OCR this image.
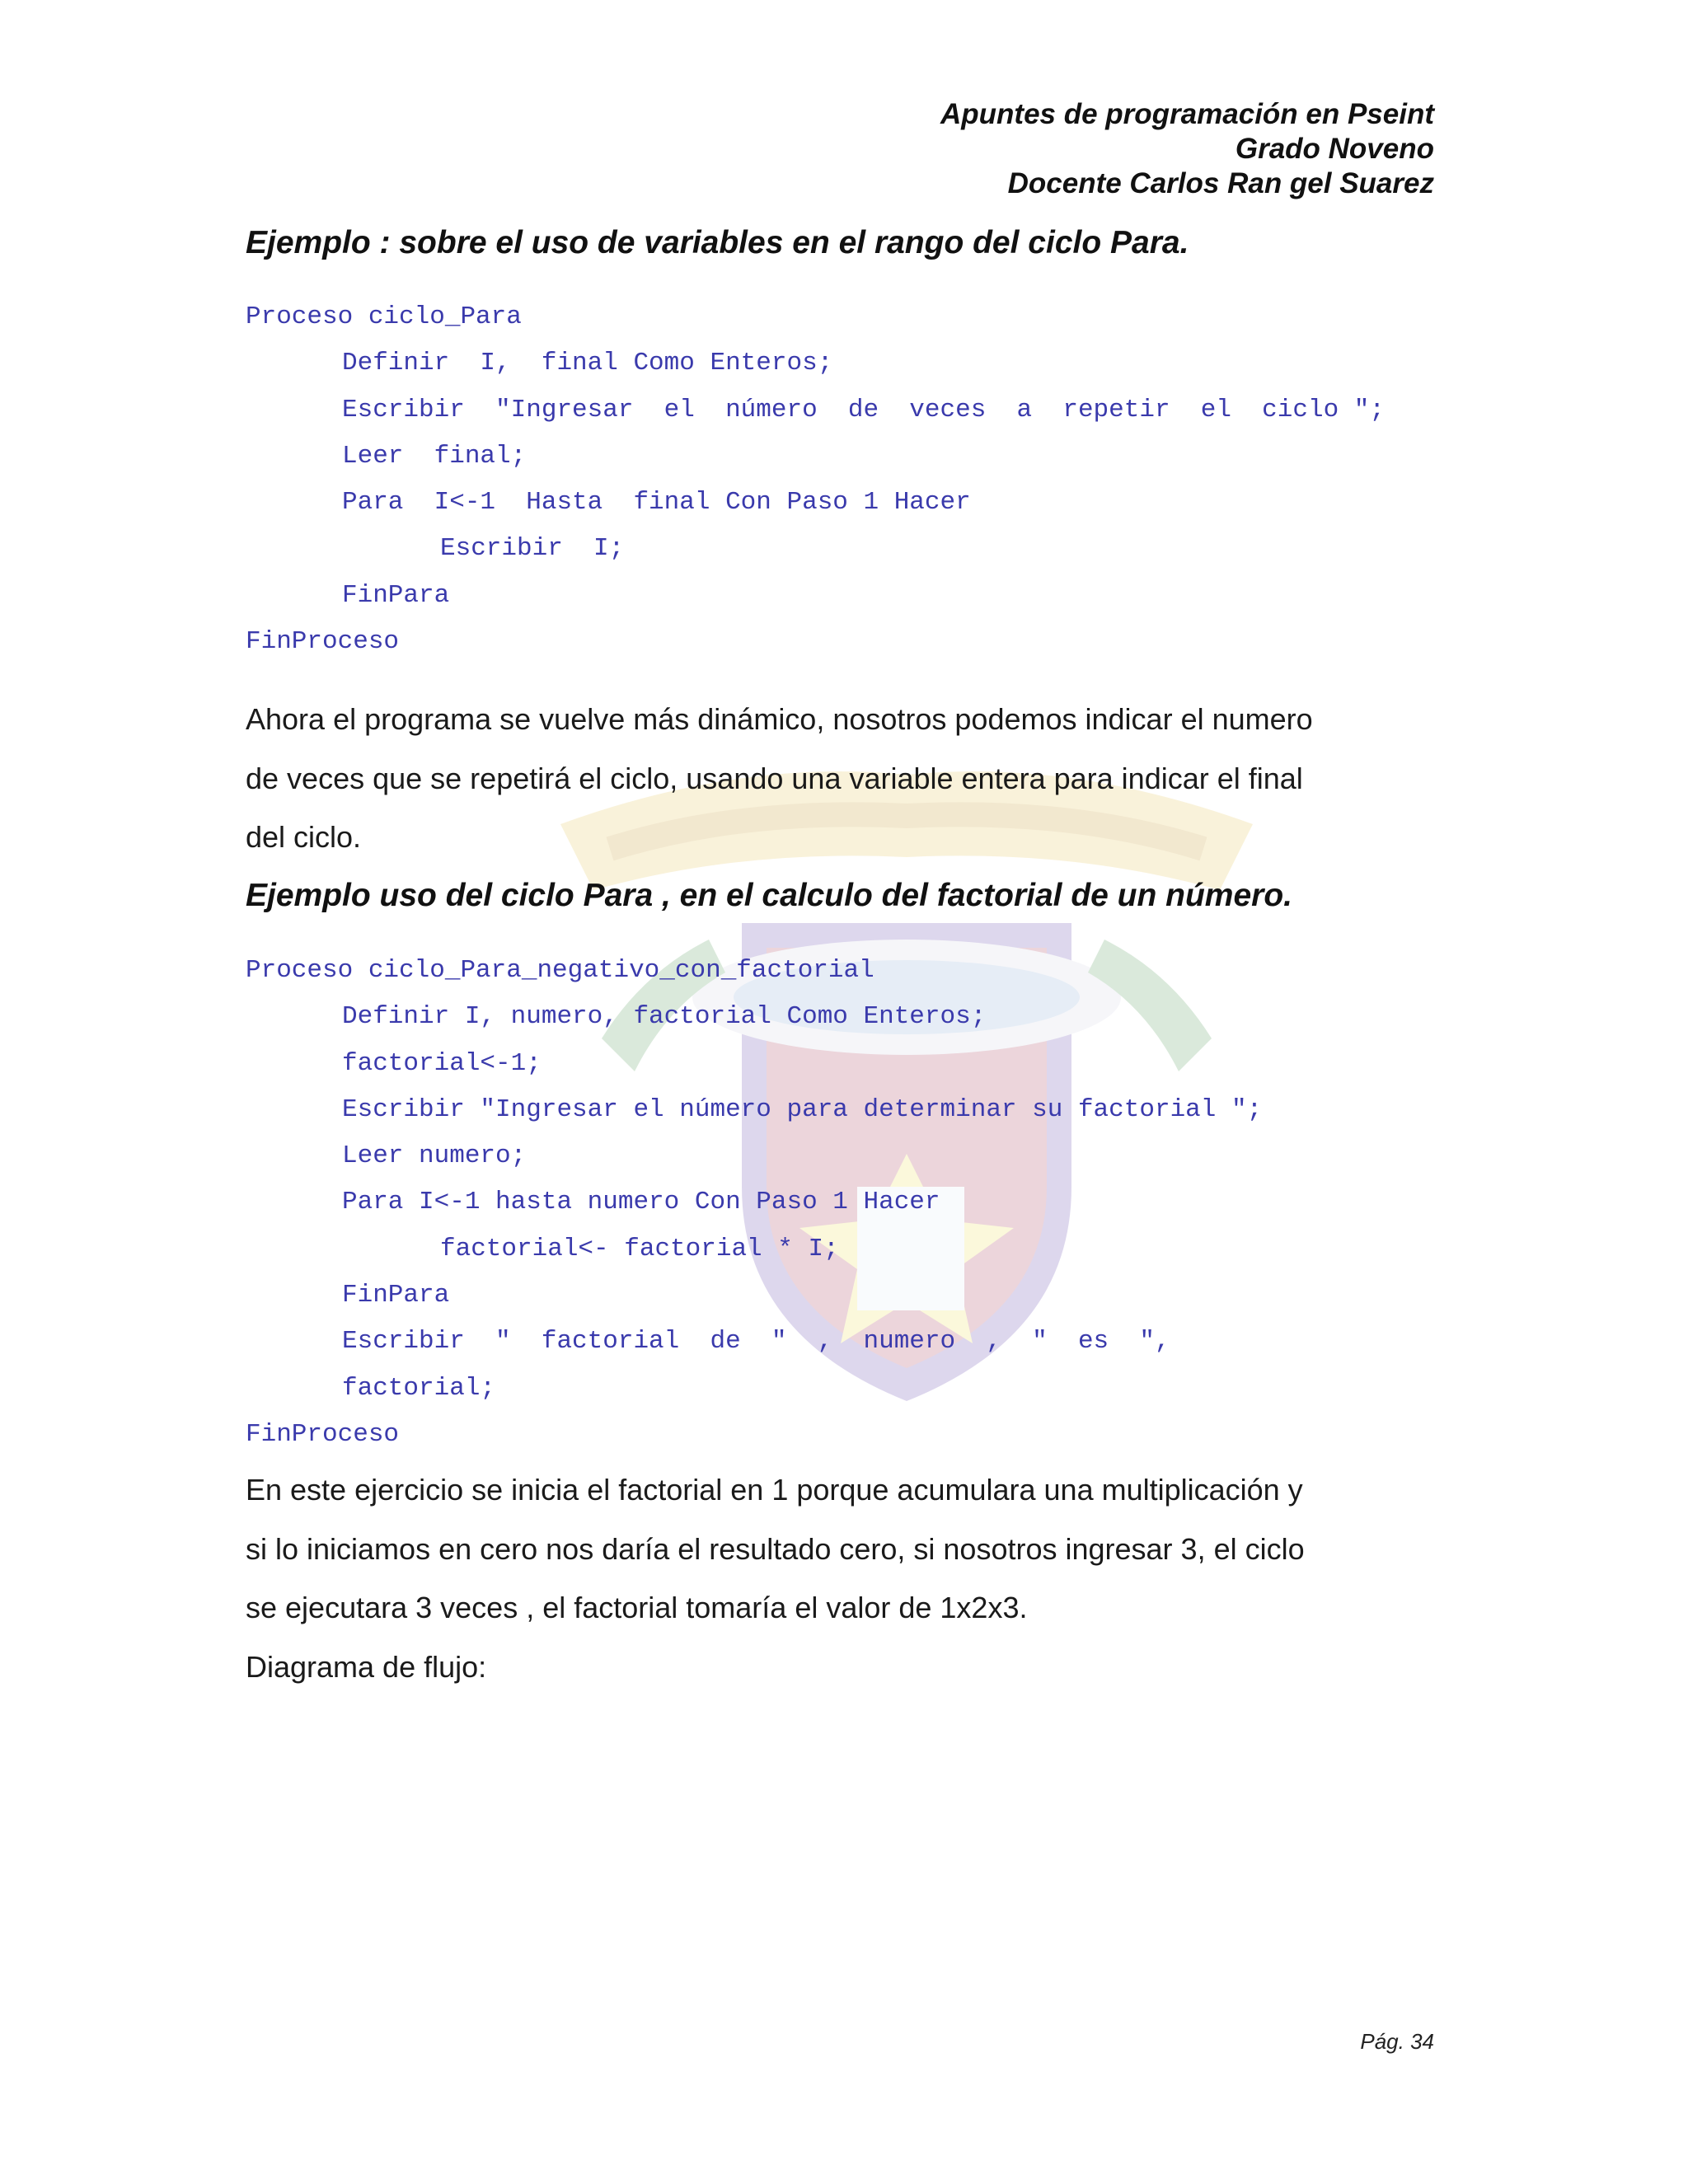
Apuntes de programación en Pseint
Grado Noveno
Docente Carlos Ran gel Suarez
Ejemplo : sobre el uso de variables en el rango del ciclo Para.
Proceso ciclo_Para
Definir  I,  final Como Enteros;
Escribir  "Ingresar  el  número  de  veces  a  repetir  el  ciclo ";
Leer  final;
Para  I<-1  Hasta  final Con Paso 1 Hacer
Escribir  I;
FinPara
FinProceso
Ahora el programa se vuelve más dinámico, nosotros podemos indicar el numero
de veces que se repetirá el ciclo, usando una variable entera para indicar el final
del ciclo.
Ejemplo uso del ciclo Para , en el calculo del factorial de un número.
Proceso ciclo_Para_negativo_con_factorial
Definir I, numero, factorial Como Enteros;
factorial<-1;
Escribir "Ingresar el número para determinar su factorial ";
Leer numero;
Para I<-1 hasta numero Con Paso 1 Hacer
factorial<- factorial * I;
FinPara
Escribir  "  factorial  de  "  ,  numero  ,  "  es  ",
factorial;
FinProceso
En este ejercicio se inicia el factorial en 1 porque acumulara una multiplicación y
si lo iniciamos en cero nos daría el resultado cero, si nosotros ingresar 3, el ciclo
se ejecutara 3 veces , el factorial tomaría el valor de 1x2x3.
Diagrama de flujo:
Pág. 34
